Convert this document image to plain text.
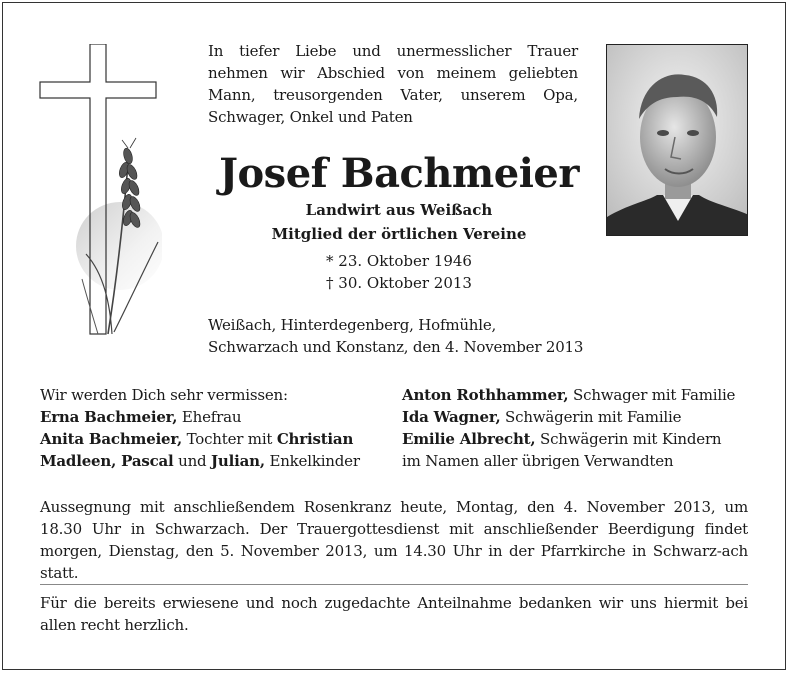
In tiefer Liebe und unermesslicher Trauer nehmen wir Abschied von meinem geliebten Mann, treusorgenden Vater, unserem Opa, Schwager, Onkel und Paten
Josef Bachmeier
Landwirt aus Weißach
Mitglied der örtlichen Vereine
* 23. Oktober 1946
† 30. Oktober 2013
Weißach, Hinterdegenberg, Hofmühle,
Schwarzach und Konstanz, den 4. November 2013
Wir werden Dich sehr vermissen:
Erna Bachmeier, Ehefrau
Anita Bachmeier, Tochter mit Christian
Madleen, Pascal und Julian, Enkelkinder
Anton Rothhammer, Schwager mit Familie
Ida Wagner, Schwägerin mit Familie
Emilie Albrecht, Schwägerin mit Kindern
im Namen aller übrigen Verwandten
Aussegnung mit anschließendem Rosenkranz heute, Montag, den 4. November 2013, um 18.30 Uhr in Schwarzach. Der Trauergottesdienst mit anschließender Beerdigung findet morgen, Dienstag, den 5. November 2013, um 14.30 Uhr in der Pfarrkirche in Schwarz-ach statt.
Für die bereits erwiesene und noch zugedachte Anteilnahme bedanken wir uns hiermit bei allen recht herzlich.
